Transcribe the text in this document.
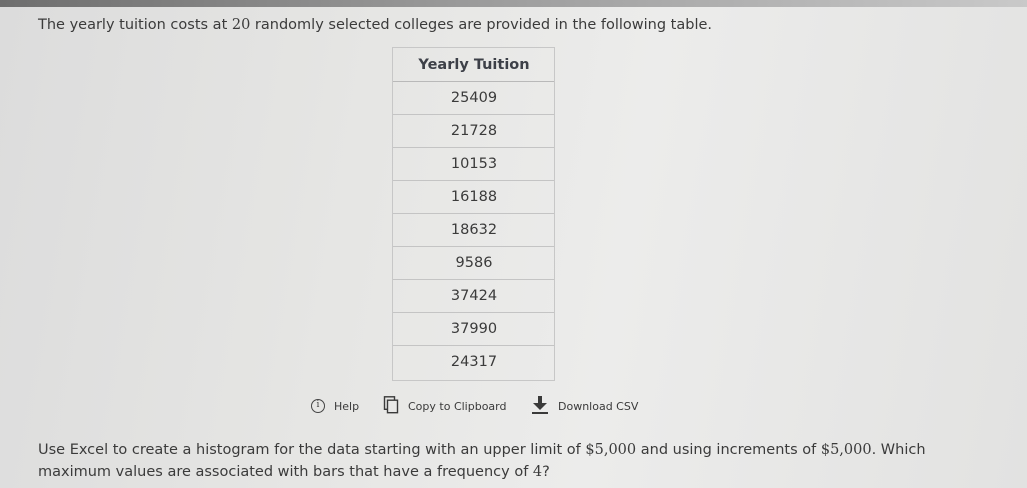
The yearly tuition costs at 20 randomly selected colleges are provided in the following table.
Yearly Tuition
25409
21728
10153
16188
18632
9586
37424
37990
24317
i	Help	Copy to Clipboard	Download CSV
Use Excel to create a histogram for the data starting with an upper limit of $5,000 and using increments of $5,000. Which maximum values are associated with bars that have a frequency of 4?
